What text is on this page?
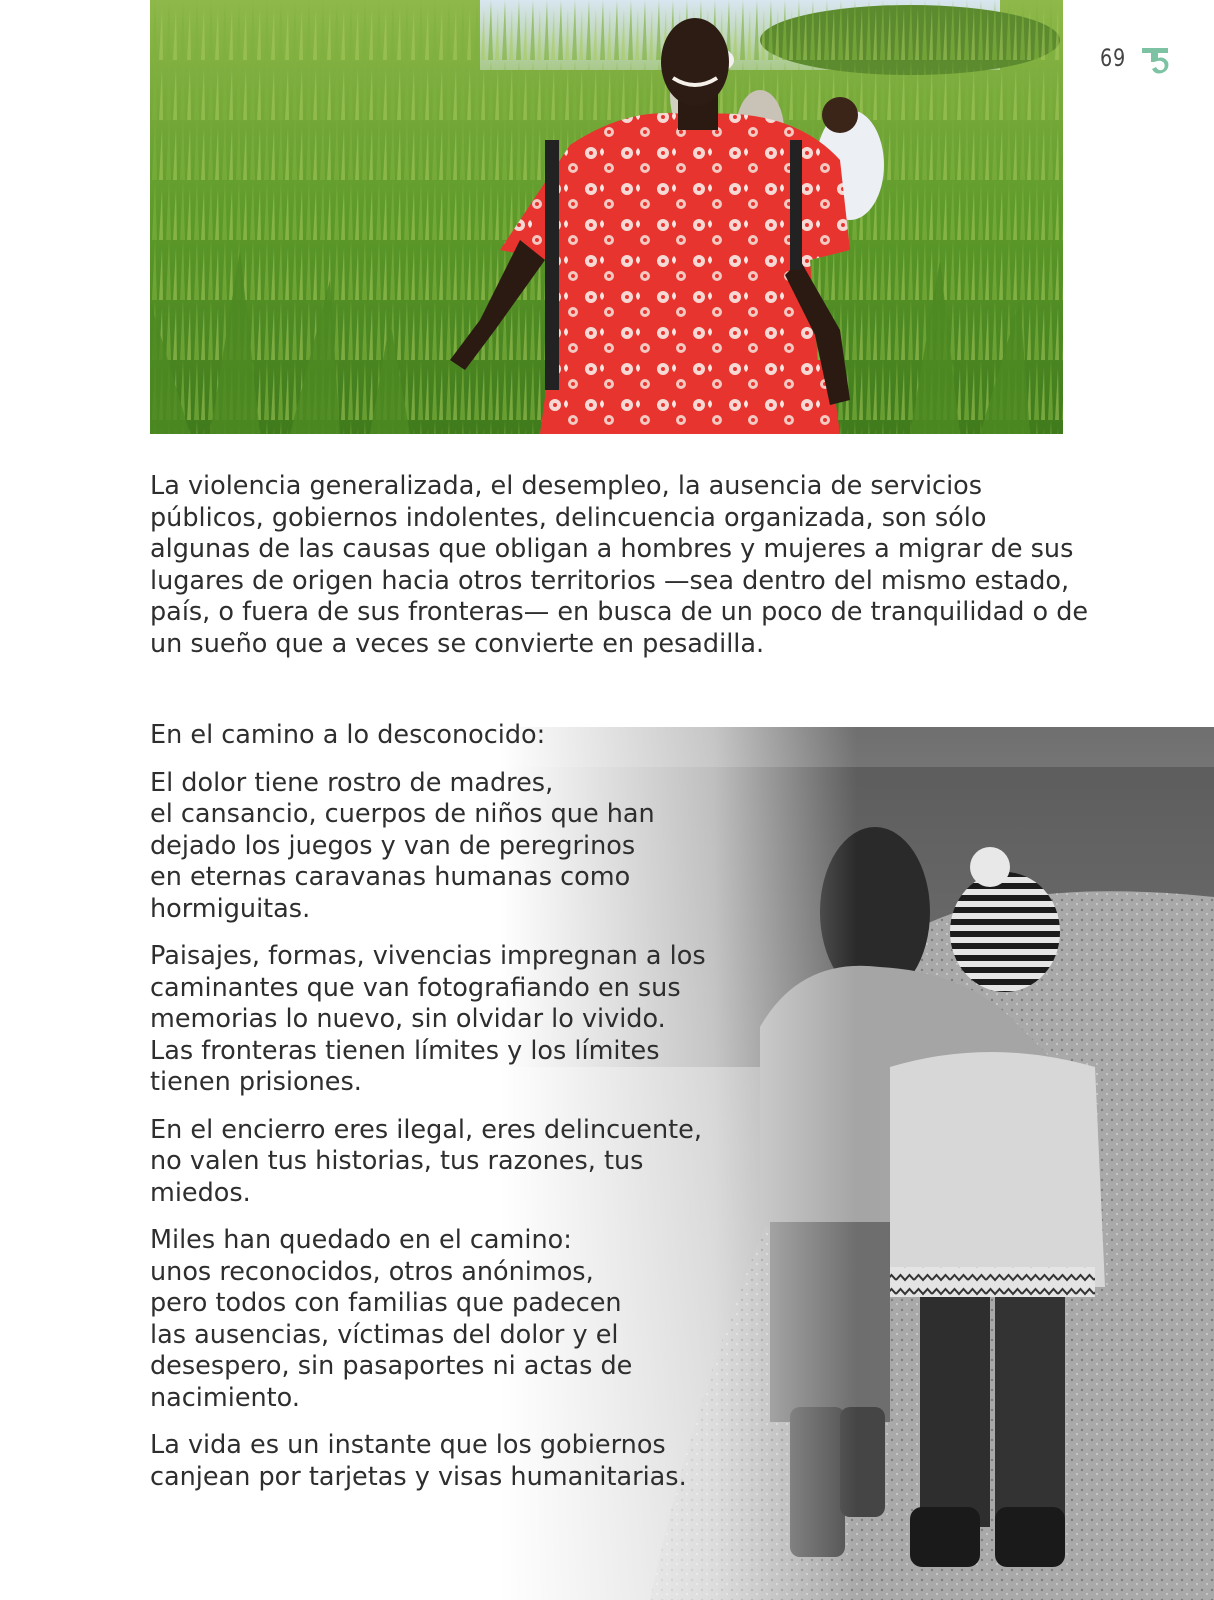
69

La violencia generalizada, el desempleo, la ausencia de servicios públicos, gobiernos indolentes, delincuencia organizada, son sólo algunas de las causas que obligan a hombres y mujeres a migrar de sus lugares de origen hacia otros territorios —sea dentro del mismo estado, país, o fuera de sus fronteras— en busca de un poco de tranquilidad o de un sueño que a veces se convierte en pesadilla.

En el camino a lo desconocido:

El dolor tiene rostro de madres,
el cansancio, cuerpos de niños que han
dejado los juegos y van de peregrinos
en eternas caravanas humanas como
hormiguitas.

Paisajes, formas, vivencias impregnan a los
caminantes que van fotografiando en sus
memorias lo nuevo, sin olvidar lo vivido.
Las fronteras tienen límites y los límites
tienen prisiones.

En el encierro eres ilegal, eres delincuente,
no valen tus historias, tus razones, tus
miedos.

Miles han quedado en el camino:
unos reconocidos, otros anónimos,
pero todos con familias que padecen
las ausencias, víctimas del dolor y el
desespero, sin pasaportes ni actas de
nacimiento.

La vida es un instante que los gobiernos
canjean por tarjetas y visas humanitarias.
